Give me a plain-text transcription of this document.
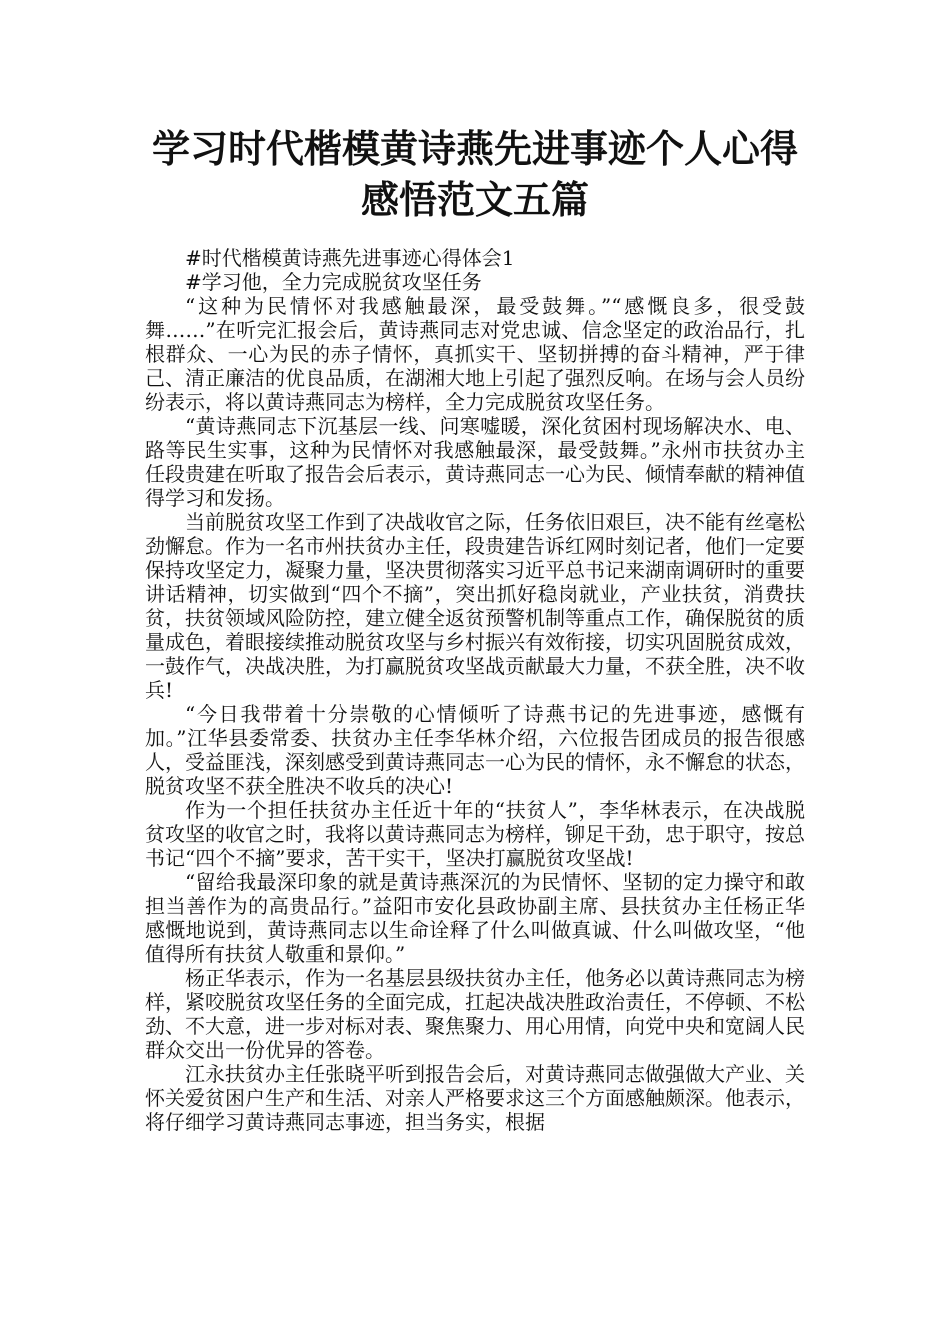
学习时代楷模黄诗燕先进事迹个人心得
感悟范文五篇

#时代楷模黄诗燕先进事迹心得体会1

#学习他，全力完成脱贫攻坚任务

“这种为民情怀对我感触最深，最受鼓舞。”“感慨良多，很受鼓舞……”在听完汇报会后，黄诗燕同志对党忠诚、信念坚定的政治品行，扎根群众、一心为民的赤子情怀，真抓实干、坚韧拼搏的奋斗精神，严于律己、清正廉洁的优良品质，在湖湘大地上引起了强烈反响。在场与会人员纷纷表示，将以黄诗燕同志为榜样，全力完成脱贫攻坚任务。

“黄诗燕同志下沉基层一线、问寒嘘暖，深化贫困村现场解决水、电、路等民生实事，这种为民情怀对我感触最深，最受鼓舞。”永州市扶贫办主任段贵建在听取了报告会后表示，黄诗燕同志一心为民、倾情奉献的精神值得学习和发扬。

当前脱贫攻坚工作到了决战收官之际，任务依旧艰巨，决不能有丝毫松劲懈怠。作为一名市州扶贫办主任，段贵建告诉红网时刻记者，他们一定要保持攻坚定力，凝聚力量，坚决贯彻落实习近平总书记来湖南调研时的重要讲话精神，切实做到“四个不摘”，突出抓好稳岗就业，产业扶贫，消费扶贫，扶贫领域风险防控，建立健全返贫预警机制等重点工作，确保脱贫的质量成色，着眼接续推动脱贫攻坚与乡村振兴有效衔接，切实巩固脱贫成效，一鼓作气，决战决胜，为打赢脱贫攻坚战贡献最大力量，不获全胜，决不收兵!

“今日我带着十分崇敬的心情倾听了诗燕书记的先进事迹，感慨有加。”江华县委常委、扶贫办主任李华林介绍，六位报告团成员的报告很感人，受益匪浅，深刻感受到黄诗燕同志一心为民的情怀，永不懈怠的状态，脱贫攻坚不获全胜决不收兵的决心!

作为一个担任扶贫办主任近十年的“扶贫人”，李华林表示，在决战脱贫攻坚的收官之时，我将以黄诗燕同志为榜样，铆足干劲，忠于职守，按总书记“四个不摘”要求，苦干实干，坚决打赢脱贫攻坚战!

“留给我最深印象的就是黄诗燕深沉的为民情怀、坚韧的定力操守和敢担当善作为的高贵品行。”益阳市安化县政协副主席、县扶贫办主任杨正华感慨地说到，黄诗燕同志以生命诠释了什么叫做真诚、什么叫做攻坚，“他值得所有扶贫人敬重和景仰。”

杨正华表示，作为一名基层县级扶贫办主任，他务必以黄诗燕同志为榜样，紧咬脱贫攻坚任务的全面完成，扛起决战决胜政治责任，不停顿、不松劲、不大意，进一步对标对表、聚焦聚力、用心用情，向党中央和宽阔人民群众交出一份优异的答卷。

江永扶贫办主任张晓平听到报告会后，对黄诗燕同志做强做大产业、关怀关爱贫困户生产和生活、对亲人严格要求这三个方面感触颇深。他表示，将仔细学习黄诗燕同志事迹，担当务实，根据
